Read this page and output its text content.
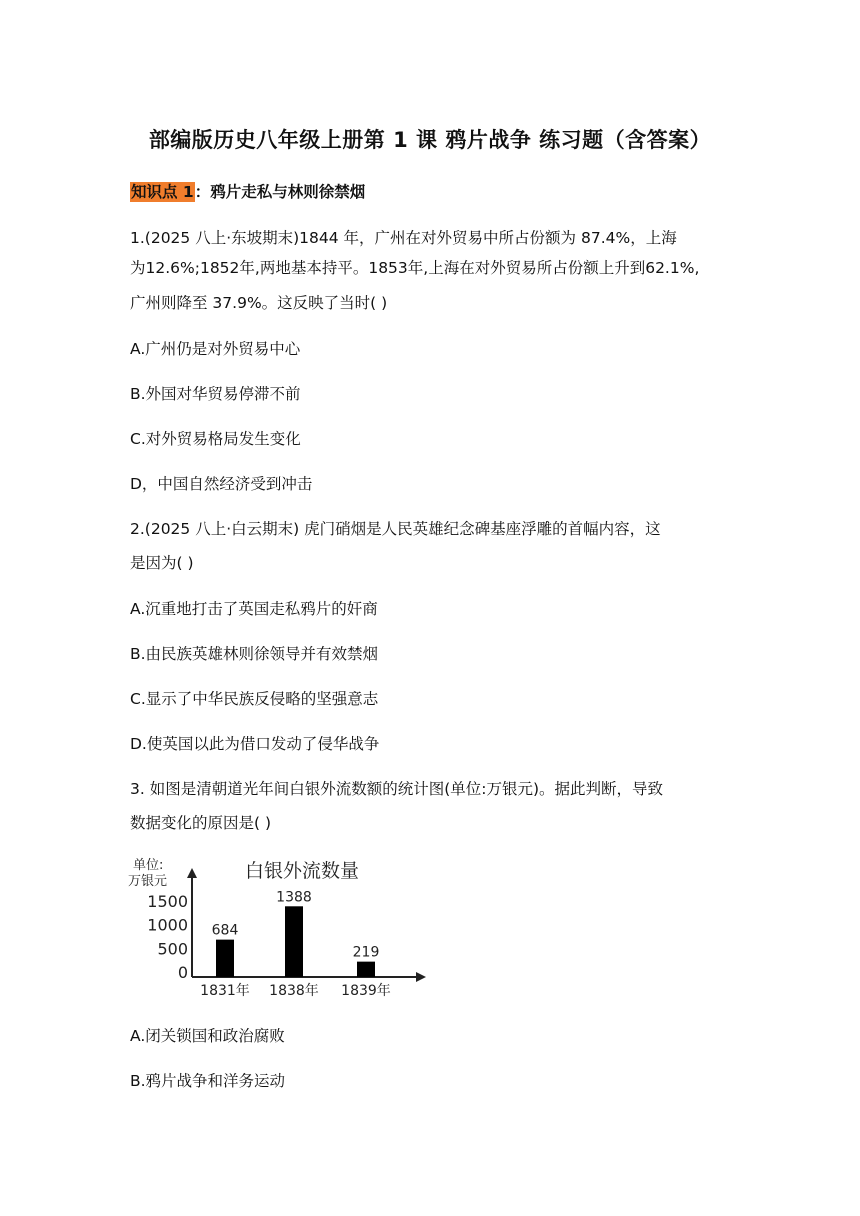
部编版历史八年级上册第 1 课 鸦片战争 练习题（含答案）
知识点 1：鸦片走私与林则徐禁烟
1.(2025 八上·东坡期末)1844 年，广州在对外贸易中所占份额为 87.4%，上海
为12.6%;1852年,两地基本持平。1853年,上海在对外贸易所占份额上升到62.1%,
广州则降至 37.9%。这反映了当时( )
A.广州仍是对外贸易中心
B.外国对华贸易停滞不前
C.对外贸易格局发生变化
D，中国自然经济受到冲击
2.(2025 八上·白云期末) 虎门硝烟是人民英雄纪念碑基座浮雕的首幅内容，这
是因为( )
A.沉重地打击了英国走私鸦片的奸商
B.由民族英雄林则徐领导并有效禁烟
C.显示了中华民族反侵略的坚强意志
D.使英国以此为借口发动了侵华战争
3. 如图是清朝道光年间白银外流数额的统计图(单位:万银元)。据此判断，导致
数据变化的原因是( )
单位:
万银元	白银外流数量
0
500
1000
1500
684
1831年
1388
1838年
219
1839年
A.闭关锁国和政治腐败
B.鸦片战争和洋务运动
